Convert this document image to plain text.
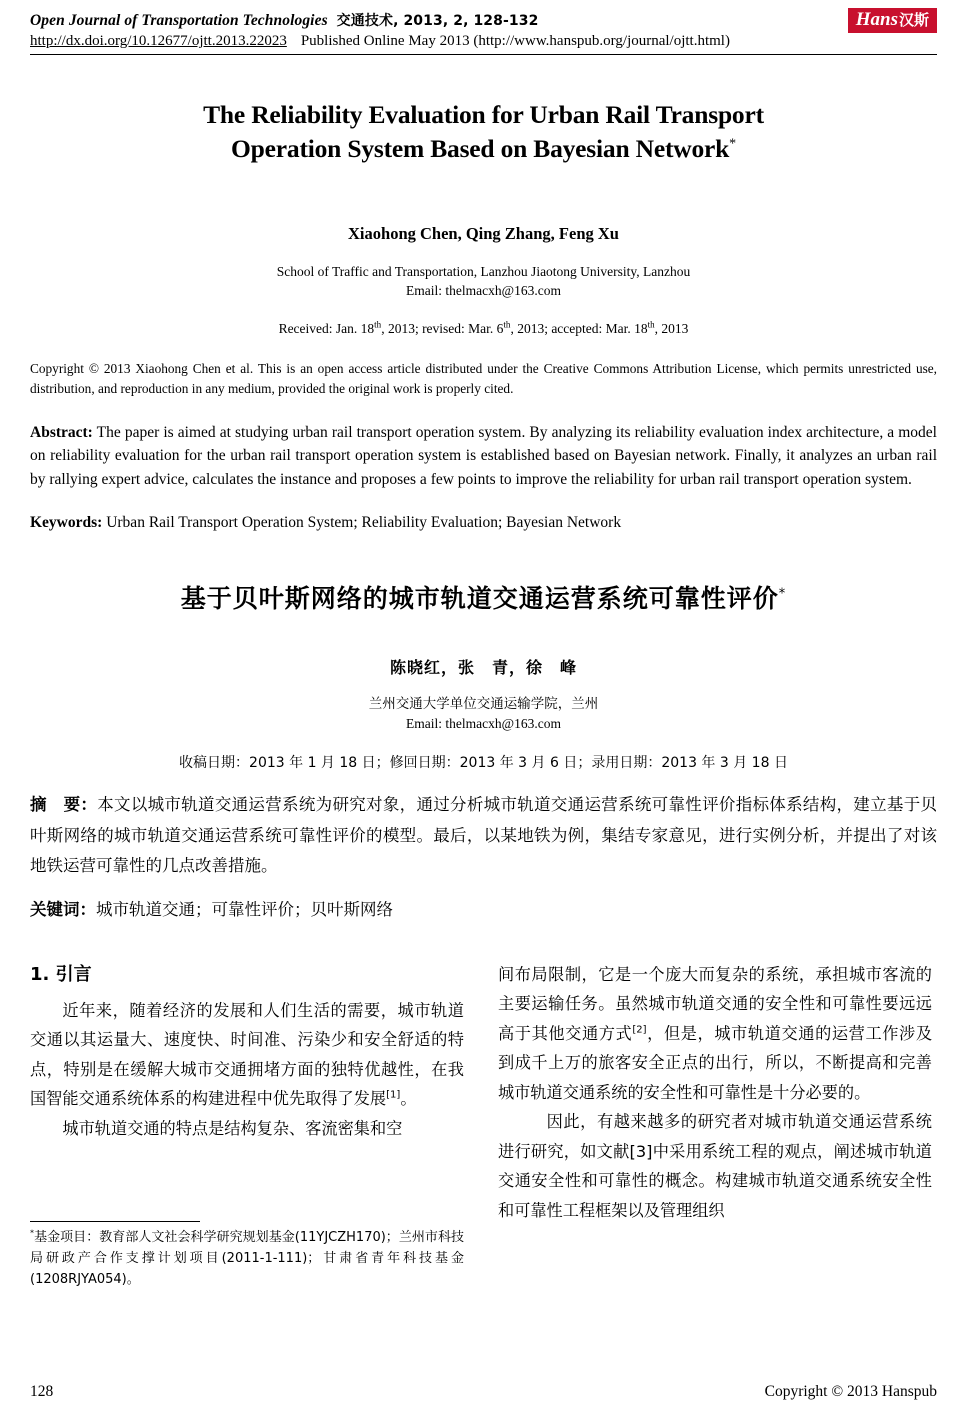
Open Journal of Transportation Technologies 交通技术, 2013, 2, 128-132
http://dx.doi.org/10.12677/ojtt.2013.22023 Published Online May 2013 (http://www.hanspub.org/journal/ojtt.html)
Hans汉斯
The Reliability Evaluation for Urban Rail Transport
Operation System Based on Bayesian Network*
Xiaohong Chen, Qing Zhang, Feng Xu
School of Traffic and Transportation, Lanzhou Jiaotong University, Lanzhou
Email: thelmacxh@163.com
Received: Jan. 18th, 2013; revised: Mar. 6th, 2013; accepted: Mar. 18th, 2013
Copyright © 2013 Xiaohong Chen et al. This is an open access article distributed under the Creative Commons Attribution License, which permits unrestricted use, distribution, and reproduction in any medium, provided the original work is properly cited.
Abstract: The paper is aimed at studying urban rail transport operation system. By analyzing its reliability evaluation index architecture, a model on reliability evaluation for the urban rail transport operation system is established based on Bayesian network. Finally, it analyzes an urban rail by rallying expert advice, calculates the instance and proposes a few points to improve the reliability for urban rail transport operation system.
Keywords: Urban Rail Transport Operation System; Reliability Evaluation; Bayesian Network
基于贝叶斯网络的城市轨道交通运营系统可靠性评价*
陈晓红，张　青，徐　峰
兰州交通大学单位交通运输学院，兰州
Email: thelmacxh@163.com
收稿日期：2013 年 1 月 18 日；修回日期：2013 年 3 月 6 日；录用日期：2013 年 3 月 18 日
摘　要：本文以城市轨道交通运营系统为研究对象，通过分析城市轨道交通运营系统可靠性评价指标体系结构，建立基于贝叶斯网络的城市轨道交通运营系统可靠性评价的模型。最后，以某地铁为例，集结专家意见，进行实例分析，并提出了对该地铁运营可靠性的几点改善措施。
关键词：城市轨道交通；可靠性评价；贝叶斯网络
1. 引言

近年来，随着经济的发展和人们生活的需要，城市轨道交通以其运量大、速度快、时间准、污染少和安全舒适的特点，特别是在缓解大城市交通拥堵方面的独特优越性，在我国智能交通系统体系的构建进程中优先取得了发展[1]。

城市轨道交通的特点是结构复杂、客流密集和空

*基金项目：教育部人文社会科学研究规划基金(11YJCZH170)；兰州市科技局研政产合作支撑计划项目(2011-1-111)；甘肃省青年科技基金(1208RJYA054)。

间布局限制，它是一个庞大而复杂的系统，承担城市客流的主要运输任务。虽然城市轨道交通的安全性和可靠性要远远高于其他交通方式[2]，但是，城市轨道交通的运营工作涉及到成千上万的旅客安全正点的出行，所以，不断提高和完善城市轨道交通系统的安全性和可靠性是十分必要的。

因此，有越来越多的研究者对城市轨道交通运营系统进行研究，如文献[3]中采用系统工程的观点，阐述城市轨道交通安全性和可靠性的概念。构建城市轨道交通系统安全性和可靠性工程框架以及管理组织

128	Copyright © 2013 Hanspub
